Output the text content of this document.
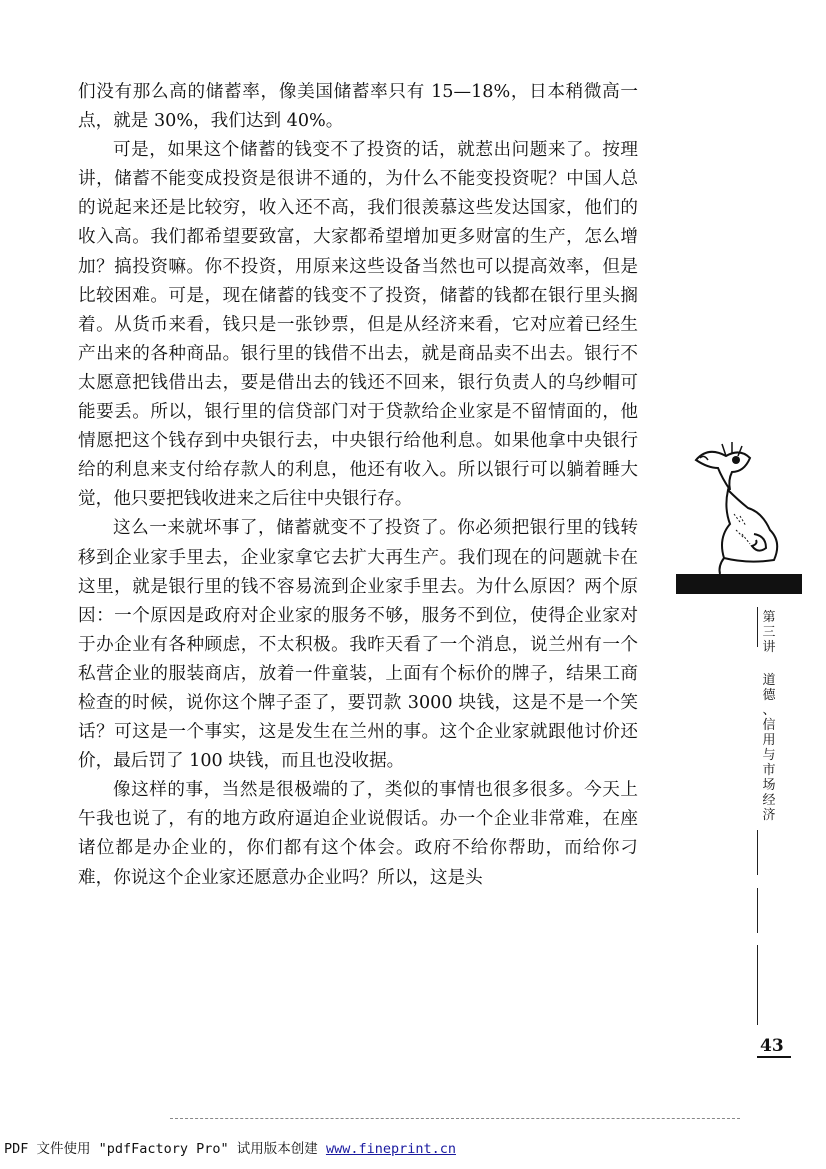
们没有那么高的储蓄率，像美国储蓄率只有 15—18%，日本稍微高一点，就是 30%，我们达到 40%。

可是，如果这个储蓄的钱变不了投资的话，就惹出问题来了。按理讲，储蓄不能变成投资是很讲不通的，为什么不能变投资呢？中国人总的说起来还是比较穷，收入还不高，我们很羡慕这些发达国家，他们的收入高。我们都希望要致富，大家都希望增加更多财富的生产，怎么增加？搞投资嘛。你不投资，用原来这些设备当然也可以提高效率，但是比较困难。可是，现在储蓄的钱变不了投资，储蓄的钱都在银行里头搁着。从货币来看，钱只是一张钞票，但是从经济来看，它对应着已经生产出来的各种商品。银行里的钱借不出去，就是商品卖不出去。银行不太愿意把钱借出去，要是借出去的钱还不回来，银行负责人的乌纱帽可能要丢。所以，银行里的信贷部门对于贷款给企业家是不留情面的，他情愿把这个钱存到中央银行去，中央银行给他利息。如果他拿中央银行给的利息来支付给存款人的利息，他还有收入。所以银行可以躺着睡大觉，他只要把钱收进来之后往中央银行存。

这么一来就坏事了，储蓄就变不了投资了。你必须把银行里的钱转移到企业家手里去，企业家拿它去扩大再生产。我们现在的问题就卡在这里，就是银行里的钱不容易流到企业家手里去。为什么原因？两个原因：一个原因是政府对企业家的服务不够，服务不到位，使得企业家对于办企业有各种顾虑，不太积极。我昨天看了一个消息，说兰州有一个私营企业的服装商店，放着一件童装，上面有个标价的牌子，结果工商检查的时候，说你这个牌子歪了，要罚款 3000 块钱，这是不是一个笑话？可这是一个事实，这是发生在兰州的事。这个企业家就跟他讨价还价，最后罚了 100 块钱，而且也没收据。

像这样的事，当然是很极端的了，类似的事情也很多很多。今天上午我也说了，有的地方政府逼迫企业说假话。办一个企业非常难，在座诸位都是办企业的，你们都有这个体会。政府不给你帮助，而给你刁难，你说这个企业家还愿意办企业吗？所以，这是头

第
三
讲
道
德
、
信
用
与
市
场
经
济
43
PDF 文件使用 "pdfFactory Pro" 试用版本创建 www.fineprint.cn
